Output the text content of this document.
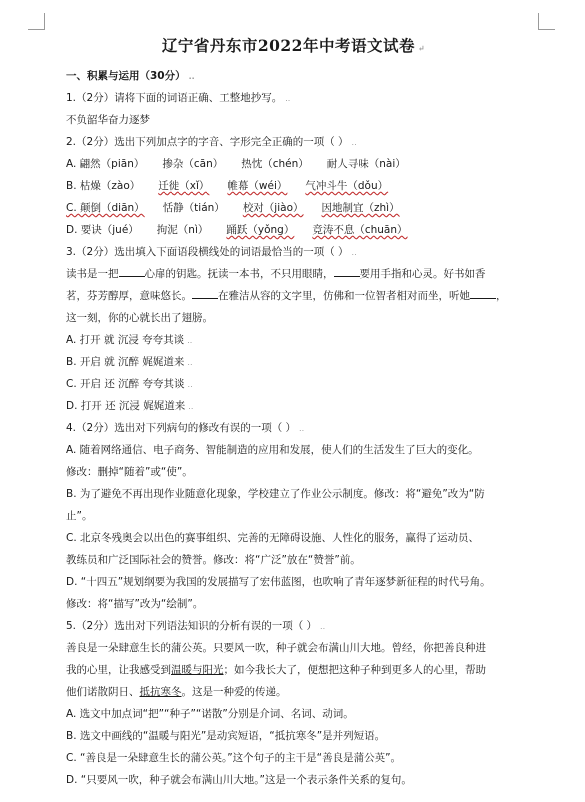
辽宁省丹东市2022年中考语文试卷 ↵
一、积累与运用（30分） ..
1.（2分）请将下面的词语正确、工整地抄写。 ..
不负韶华奋力逐梦
2.（2分）选出下列加点字的字音、字形完全正确的一项（ ） ..
A. 翩然（piān） 掺杂（cān） 热忱（chén） 耐人寻味（nài）
B. 枯燥（zào） 迁徙（xǐ） 帷幕（wéi） 气冲斗牛（dǒu）
C. 颠倒（diān） 恬静（tián） 校对（jiào） 因地制宜（zhì）
D. 要诀（jué） 拘泥（nì） 踊跃（yǒng） 竞涛不息（chuān）
3.（2分）选出填入下面语段横线处的词语最恰当的一项（ ） ..
读书是一把 心扉的钥匙。抚读一本书，不只用眼睛， 要用手指和心灵。好书如香
茗，芬芳醇厚，意味悠长。 在雅洁从容的文字里，仿佛和一位智者相对而坐，听她 ，
这一刻，你的心就长出了翅膀。
A. 打开 就 沉浸 夸夸其谈 ..
B. 开启 就 沉醉 娓娓道来 ..
C. 开启 还 沉醉 夸夸其谈 ..
D. 打开 还 沉浸 娓娓道来 ..
4.（2分）选出对下列病句的修改有误的一项（ ） ..
A. 随着网络通信、电子商务、智能制造的应用和发展，使人们的生活发生了巨大的变化。
修改：删掉“随着”或“使”。
B. 为了避免不再出现作业随意化现象，学校建立了作业公示制度。修改：将“避免”改为“防
止”。
C. 北京冬残奥会以出色的赛事组织、完善的无障碍设施、人性化的服务，赢得了运动员、
教练员和广泛国际社会的赞誉。修改：将“广泛”放在“赞誉”前。
D. “十四五”规划纲要为我国的发展描写了宏伟蓝图，也吹响了青年逐梦新征程的时代号角。
修改：将“描写”改为“绘制”。
5.（2分）选出对下列语法知识的分析有误的一项（ ） ..
善良是一朵肆意生长的蒲公英。只要风一吹，种子就会布满山川大地。曾经，你把善良种进
我的心里，让我感受到温暖与阳光；如今我长大了，便想把这种子种到更多人的心里，帮助
他们诺散阴日、抵抗寒冬。这是一种爱的传递。
A. 选文中加点词“把”“种子”“诺散”分别是介词、名词、动词。
B. 选文中画线的“温暖与阳光”是动宾短语，“抵抗寒冬”是并列短语。
C. “善良是一朵肆意生长的蒲公英。”这个句子的主干是“善良是蒲公英”。
D. “只要风一吹，种子就会布满山川大地。”这是一个表示条件关系的复句。
